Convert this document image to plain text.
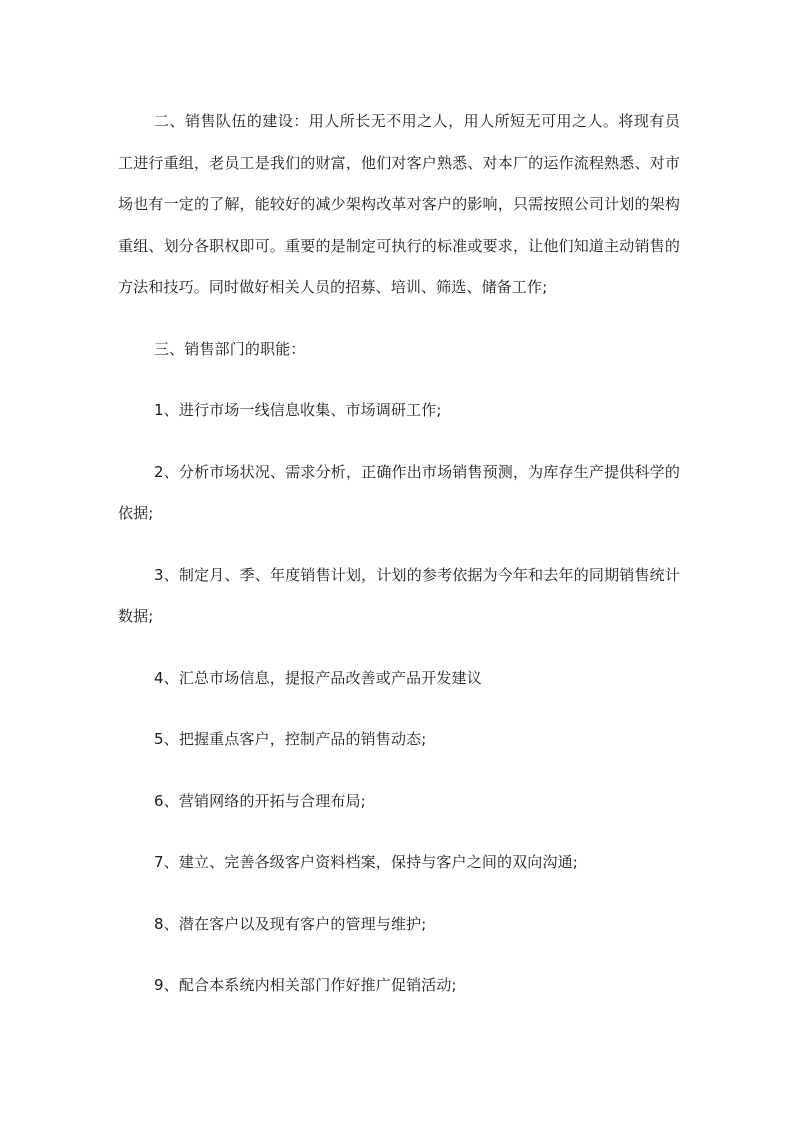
二、销售队伍的建设：用人所长无不用之人，用人所短无可用之人。将现有员工进行重组，老员工是我们的财富，他们对客户熟悉、对本厂的运作流程熟悉、对市场也有一定的了解，能较好的减少架构改革对客户的影响，只需按照公司计划的架构重组、划分各职权即可。重要的是制定可执行的标准或要求，让他们知道主动销售的方法和技巧。同时做好相关人员的招募、培训、筛选、储备工作;

三、销售部门的职能：

1、进行市场一线信息收集、市场调研工作;

2、分析市场状况、需求分析，正确作出市场销售预测，为库存生产提供科学的依据;

3、制定月、季、年度销售计划，计划的参考依据为今年和去年的同期销售统计数据;

4、汇总市场信息，提报产品改善或产品开发建议

5、把握重点客户，控制产品的销售动态;

6、营销网络的开拓与合理布局;

7、建立、完善各级客户资料档案，保持与客户之间的双向沟通;

8、潜在客户以及现有客户的管理与维护;

9、配合本系统内相关部门作好推广促销活动;
